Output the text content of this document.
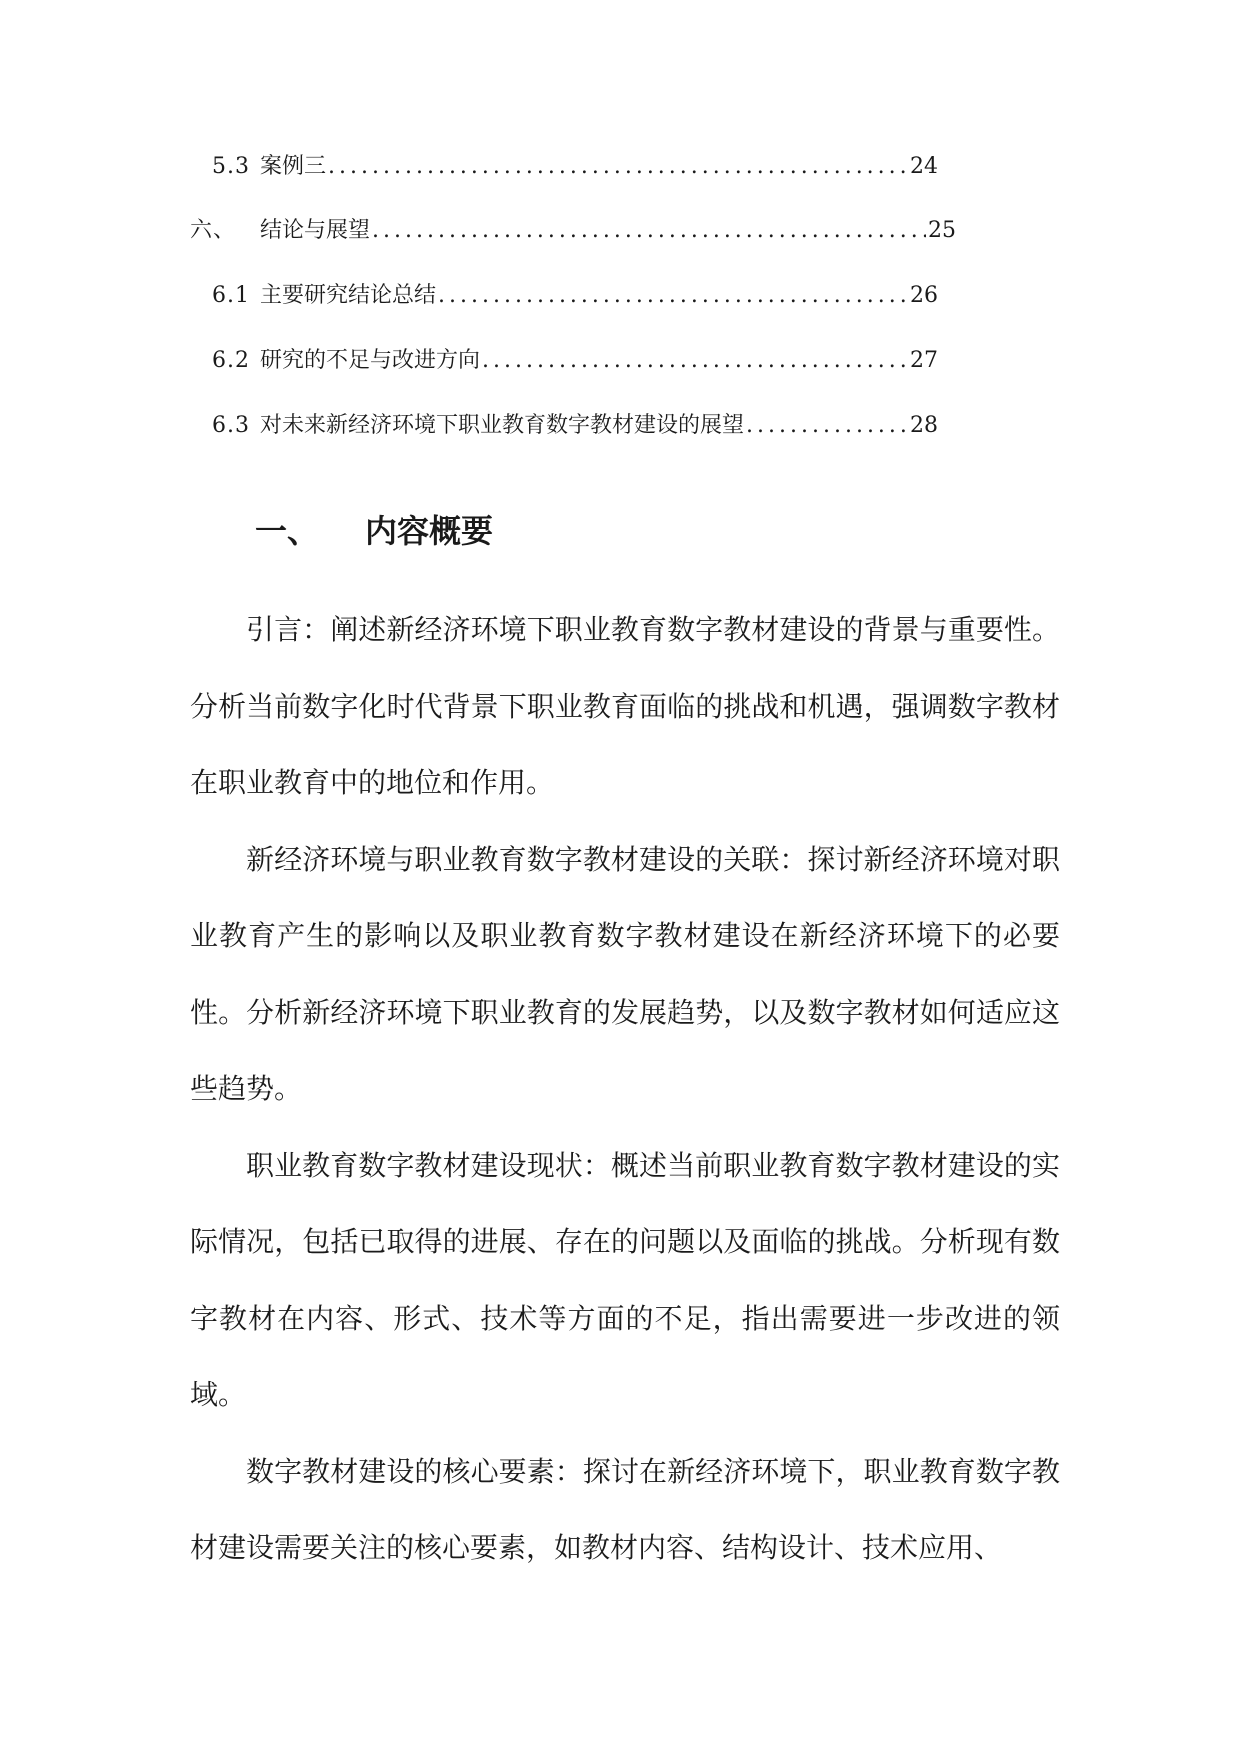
5.3 案例三 .....	24
六、 结论与展望 .....	25
6.1 主要研究结论总结 .....	26
6.2 研究的不足与改进方向 .....	27
6.3 对未来新经济环境下职业教育数字教材建设的展望 .....	28
一、 内容概要

引言：阐述新经济环境下职业教育数字教材建设的背景与重要性。分析当前数字化时代背景下职业教育面临的挑战和机遇，强调数字教材在职业教育中的地位和作用。

新经济环境与职业教育数字教材建设的关联：探讨新经济环境对职业教育产生的影响以及职业教育数字教材建设在新经济环境下的必要性。分析新经济环境下职业教育的发展趋势，以及数字教材如何适应这些趋势。

职业教育数字教材建设现状：概述当前职业教育数字教材建设的实际情况，包括已取得的进展、存在的问题以及面临的挑战。分析现有数字教材在内容、形式、技术等方面的不足，指出需要进一步改进的领域。

数字教材建设的核心要素：探讨在新经济环境下，职业教育数字教材建设需要关注的核心要素，如教材内容、结构设计、技术应用、
